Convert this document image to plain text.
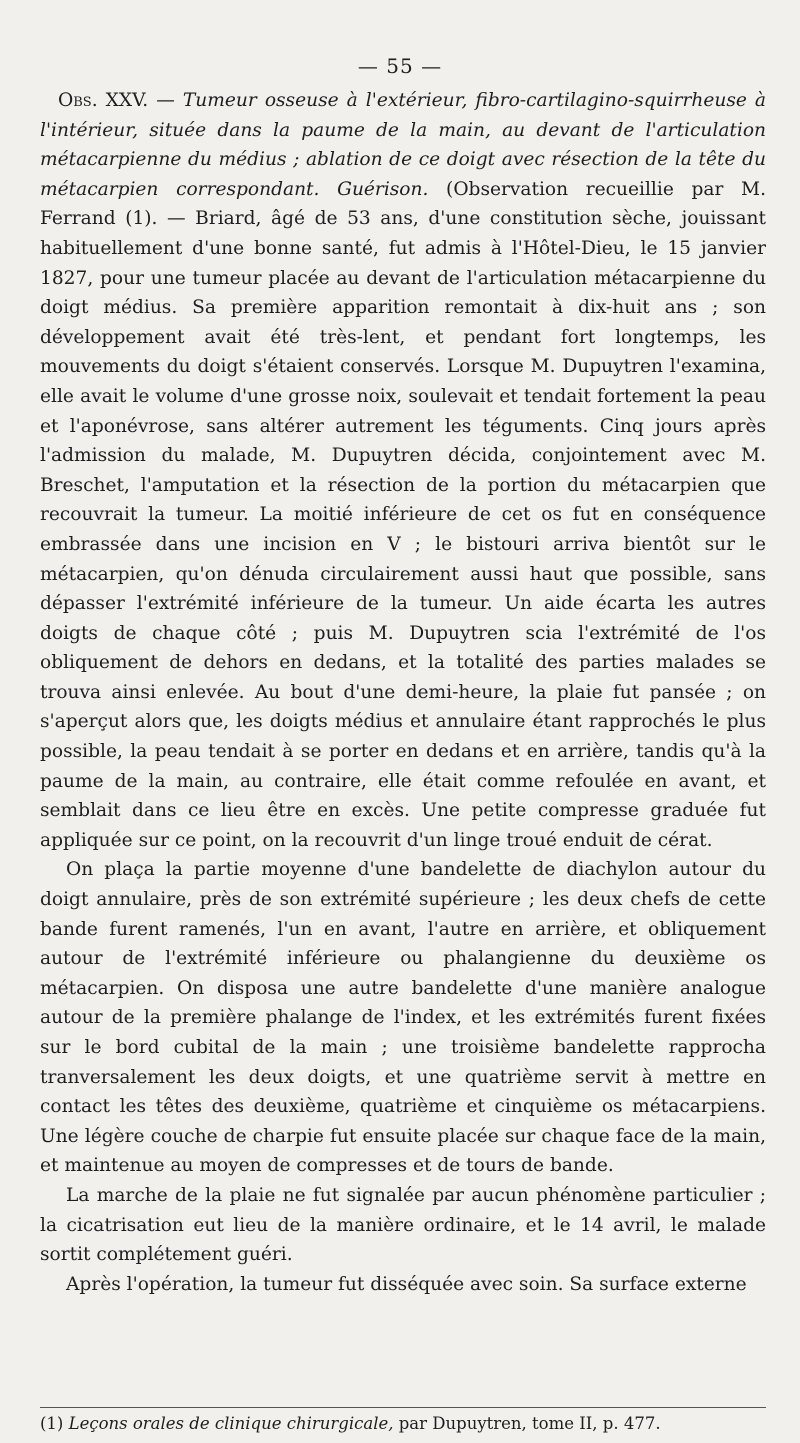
— 55 —

Obs. XXV. — Tumeur osseuse à l'extérieur, fibro-cartilagino-squirrheuse à l'intérieur, située dans la paume de la main, au devant de l'articulation métacarpienne du médius ; ablation de ce doigt avec résection de la tête du métacarpien correspondant. Guérison. (Observation recueillie par M. Ferrand (1). — Briard, âgé de 53 ans, d'une constitution sèche, jouissant habituellement d'une bonne santé, fut admis à l'Hôtel-Dieu, le 15 janvier 1827, pour une tumeur placée au devant de l'articulation métacarpienne du doigt médius. Sa première apparition remontait à dix-huit ans ; son développement avait été très-lent, et pendant fort longtemps, les mouvements du doigt s'étaient conservés. Lorsque M. Dupuytren l'examina, elle avait le volume d'une grosse noix, soulevait et tendait fortement la peau et l'aponévrose, sans altérer autrement les téguments. Cinq jours après l'admission du malade, M. Dupuytren décida, conjointement avec M. Breschet, l'amputation et la résection de la portion du métacarpien que recouvrait la tumeur. La moitié inférieure de cet os fut en conséquence embrassée dans une incision en V ; le bistouri arriva bientôt sur le métacarpien, qu'on dénuda circulairement aussi haut que possible, sans dépasser l'extrémité inférieure de la tumeur. Un aide écarta les autres doigts de chaque côté ; puis M. Dupuytren scia l'extrémité de l'os obliquement de dehors en dedans, et la totalité des parties malades se trouva ainsi enlevée. Au bout d'une demi-heure, la plaie fut pansée ; on s'aperçut alors que, les doigts médius et annulaire étant rapprochés le plus possible, la peau tendait à se porter en dedans et en arrière, tandis qu'à la paume de la main, au contraire, elle était comme refoulée en avant, et semblait dans ce lieu être en excès. Une petite compresse graduée fut appliquée sur ce point, on la recouvrit d'un linge troué enduit de cérat.

On plaça la partie moyenne d'une bandelette de diachylon autour du doigt annulaire, près de son extrémité supérieure ; les deux chefs de cette bande furent ramenés, l'un en avant, l'autre en arrière, et obliquement autour de l'extrémité inférieure ou phalangienne du deuxième os métacarpien. On disposa une autre bandelette d'une manière analogue autour de la première phalange de l'index, et les extrémités furent fixées sur le bord cubital de la main ; une troisième bandelette rapprocha tranversalement les deux doigts, et une quatrième servit à mettre en contact les têtes des deuxième, quatrième et cinquième os métacarpiens. Une légère couche de charpie fut ensuite placée sur chaque face de la main, et maintenue au moyen de compresses et de tours de bande.

La marche de la plaie ne fut signalée par aucun phénomène particulier ; la cicatrisation eut lieu de la manière ordinaire, et le 14 avril, le malade sortit complétement guéri.

Après l'opération, la tumeur fut disséquée avec soin. Sa surface externe

(1) Leçons orales de clinique chirurgicale, par Dupuytren, tome II, p. 477.
